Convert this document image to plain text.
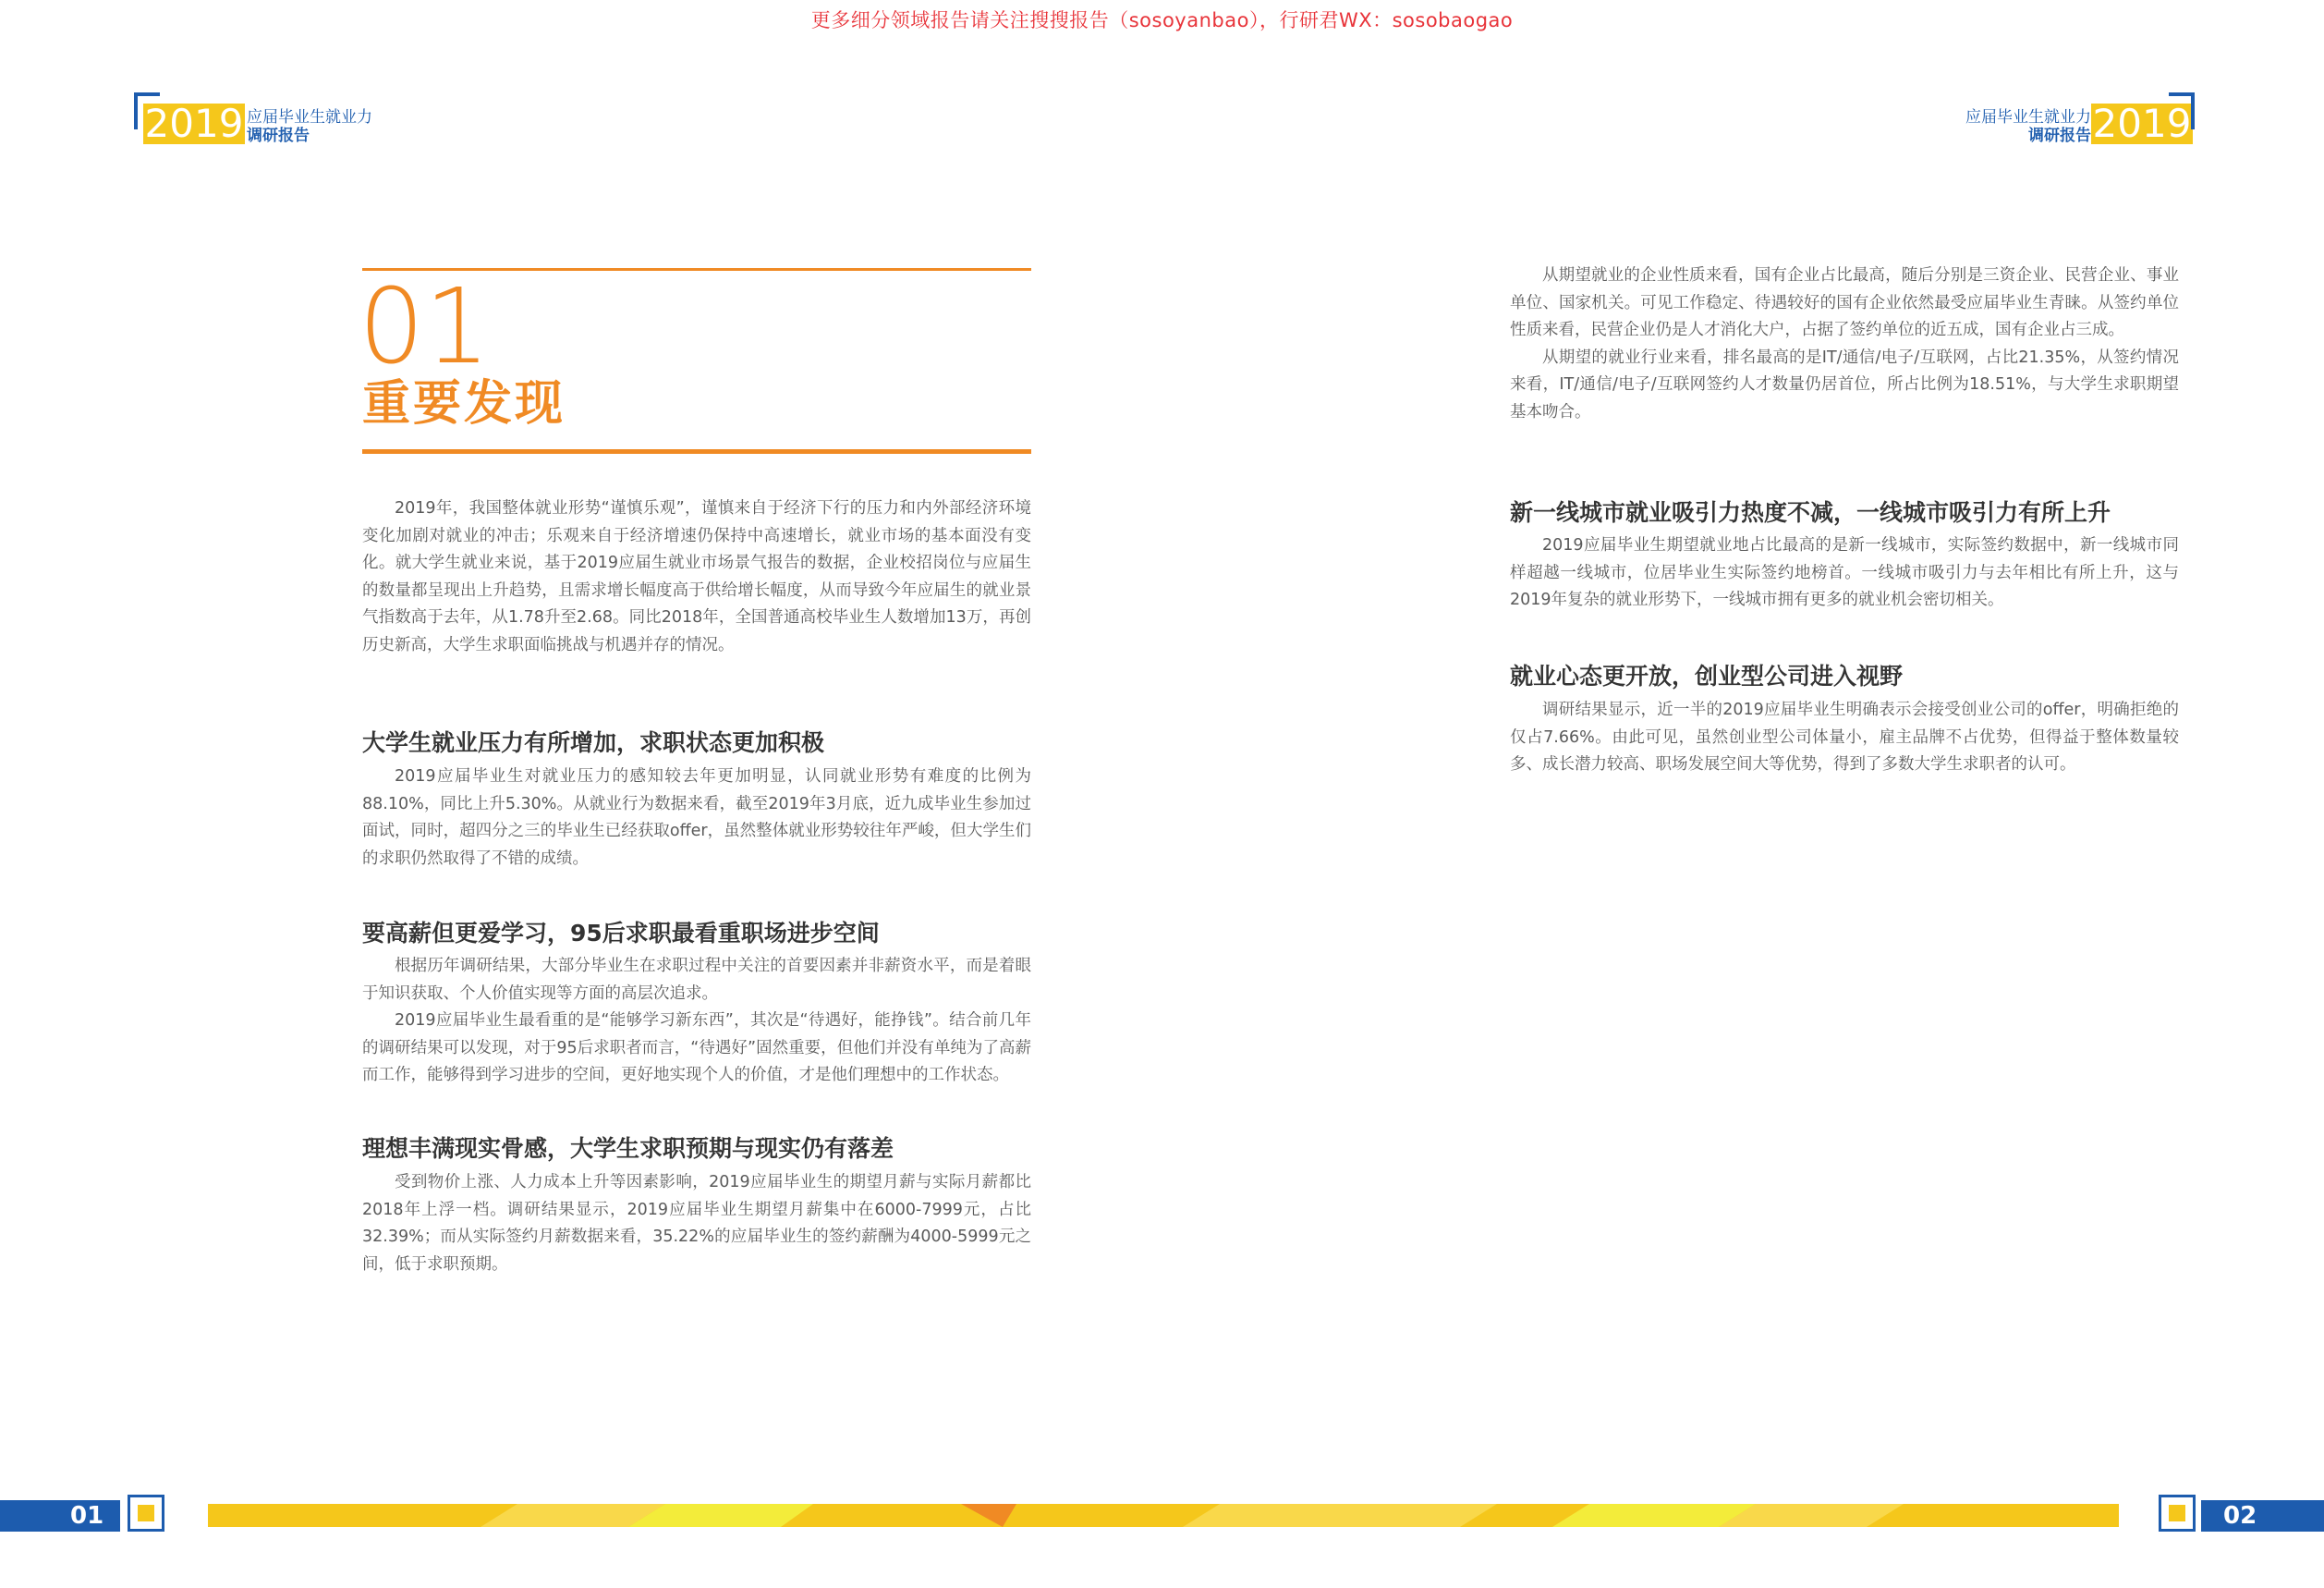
更多细分领域报告请关注搜搜报告（sosoyanbao），行研君WX：sosobaogao
2019 应届毕业生就业力
调研报告
应届毕业生就业力
调研报告 2019
01
重要发现

2019年，我国整体就业形势“谨慎乐观”，谨慎来自于经济下行的压力和内外部经济环境变化加剧对就业的冲击；乐观来自于经济增速仍保持中高速增长，就业市场的基本面没有变化。就大学生就业来说，基于2019应届生就业市场景气报告的数据，企业校招岗位与应届生的数量都呈现出上升趋势，且需求增长幅度高于供给增长幅度，从而导致今年应届生的就业景气指数高于去年，从1.78升至2.68。同比2018年，全国普通高校毕业生人数增加13万，再创历史新高，大学生求职面临挑战与机遇并存的情况。

大学生就业压力有所增加，求职状态更加积极

2019应届毕业生对就业压力的感知较去年更加明显，认同就业形势有难度的比例为88.10%，同比上升5.30%。从就业行为数据来看，截至2019年3月底，近九成毕业生参加过面试，同时，超四分之三的毕业生已经获取offer，虽然整体就业形势较往年严峻，但大学生们的求职仍然取得了不错的成绩。

要高薪但更爱学习，95后求职最看重职场进步空间

根据历年调研结果，大部分毕业生在求职过程中关注的首要因素并非薪资水平，而是着眼于知识获取、个人价值实现等方面的高层次追求。

2019应届毕业生最看重的是“能够学习新东西”，其次是“待遇好，能挣钱”。结合前几年的调研结果可以发现，对于95后求职者而言，“待遇好”固然重要，但他们并没有单纯为了高薪而工作，能够得到学习进步的空间，更好地实现个人的价值，才是他们理想中的工作状态。

理想丰满现实骨感，大学生求职预期与现实仍有落差

受到物价上涨、人力成本上升等因素影响，2019应届毕业生的期望月薪与实际月薪都比2018年上浮一档。调研结果显示，2019应届毕业生期望月薪集中在6000-7999元，占比32.39%；而从实际签约月薪数据来看，35.22%的应届毕业生的签约薪酬为4000-5999元之间，低于求职预期。

从期望就业的企业性质来看，国有企业占比最高，随后分别是三资企业、民营企业、事业单位、国家机关。可见工作稳定、待遇较好的国有企业依然最受应届毕业生青睐。从签约单位性质来看，民营企业仍是人才消化大户，占据了签约单位的近五成，国有企业占三成。

从期望的就业行业来看，排名最高的是IT/通信/电子/互联网，占比21.35%，从签约情况来看，IT/通信/电子/互联网签约人才数量仍居首位，所占比例为18.51%，与大学生求职期望基本吻合。

新一线城市就业吸引力热度不减，一线城市吸引力有所上升

2019应届毕业生期望就业地占比最高的是新一线城市，实际签约数据中，新一线城市同样超越一线城市，位居毕业生实际签约地榜首。一线城市吸引力与去年相比有所上升，这与2019年复杂的就业形势下，一线城市拥有更多的就业机会密切相关。

就业心态更开放，创业型公司进入视野

调研结果显示，近一半的2019应届毕业生明确表示会接受创业公司的offer，明确拒绝的仅占7.66%。由此可见，虽然创业型公司体量小，雇主品牌不占优势，但得益于整体数量较多、成长潜力较高、职场发展空间大等优势，得到了多数大学生求职者的认可。

01	02
